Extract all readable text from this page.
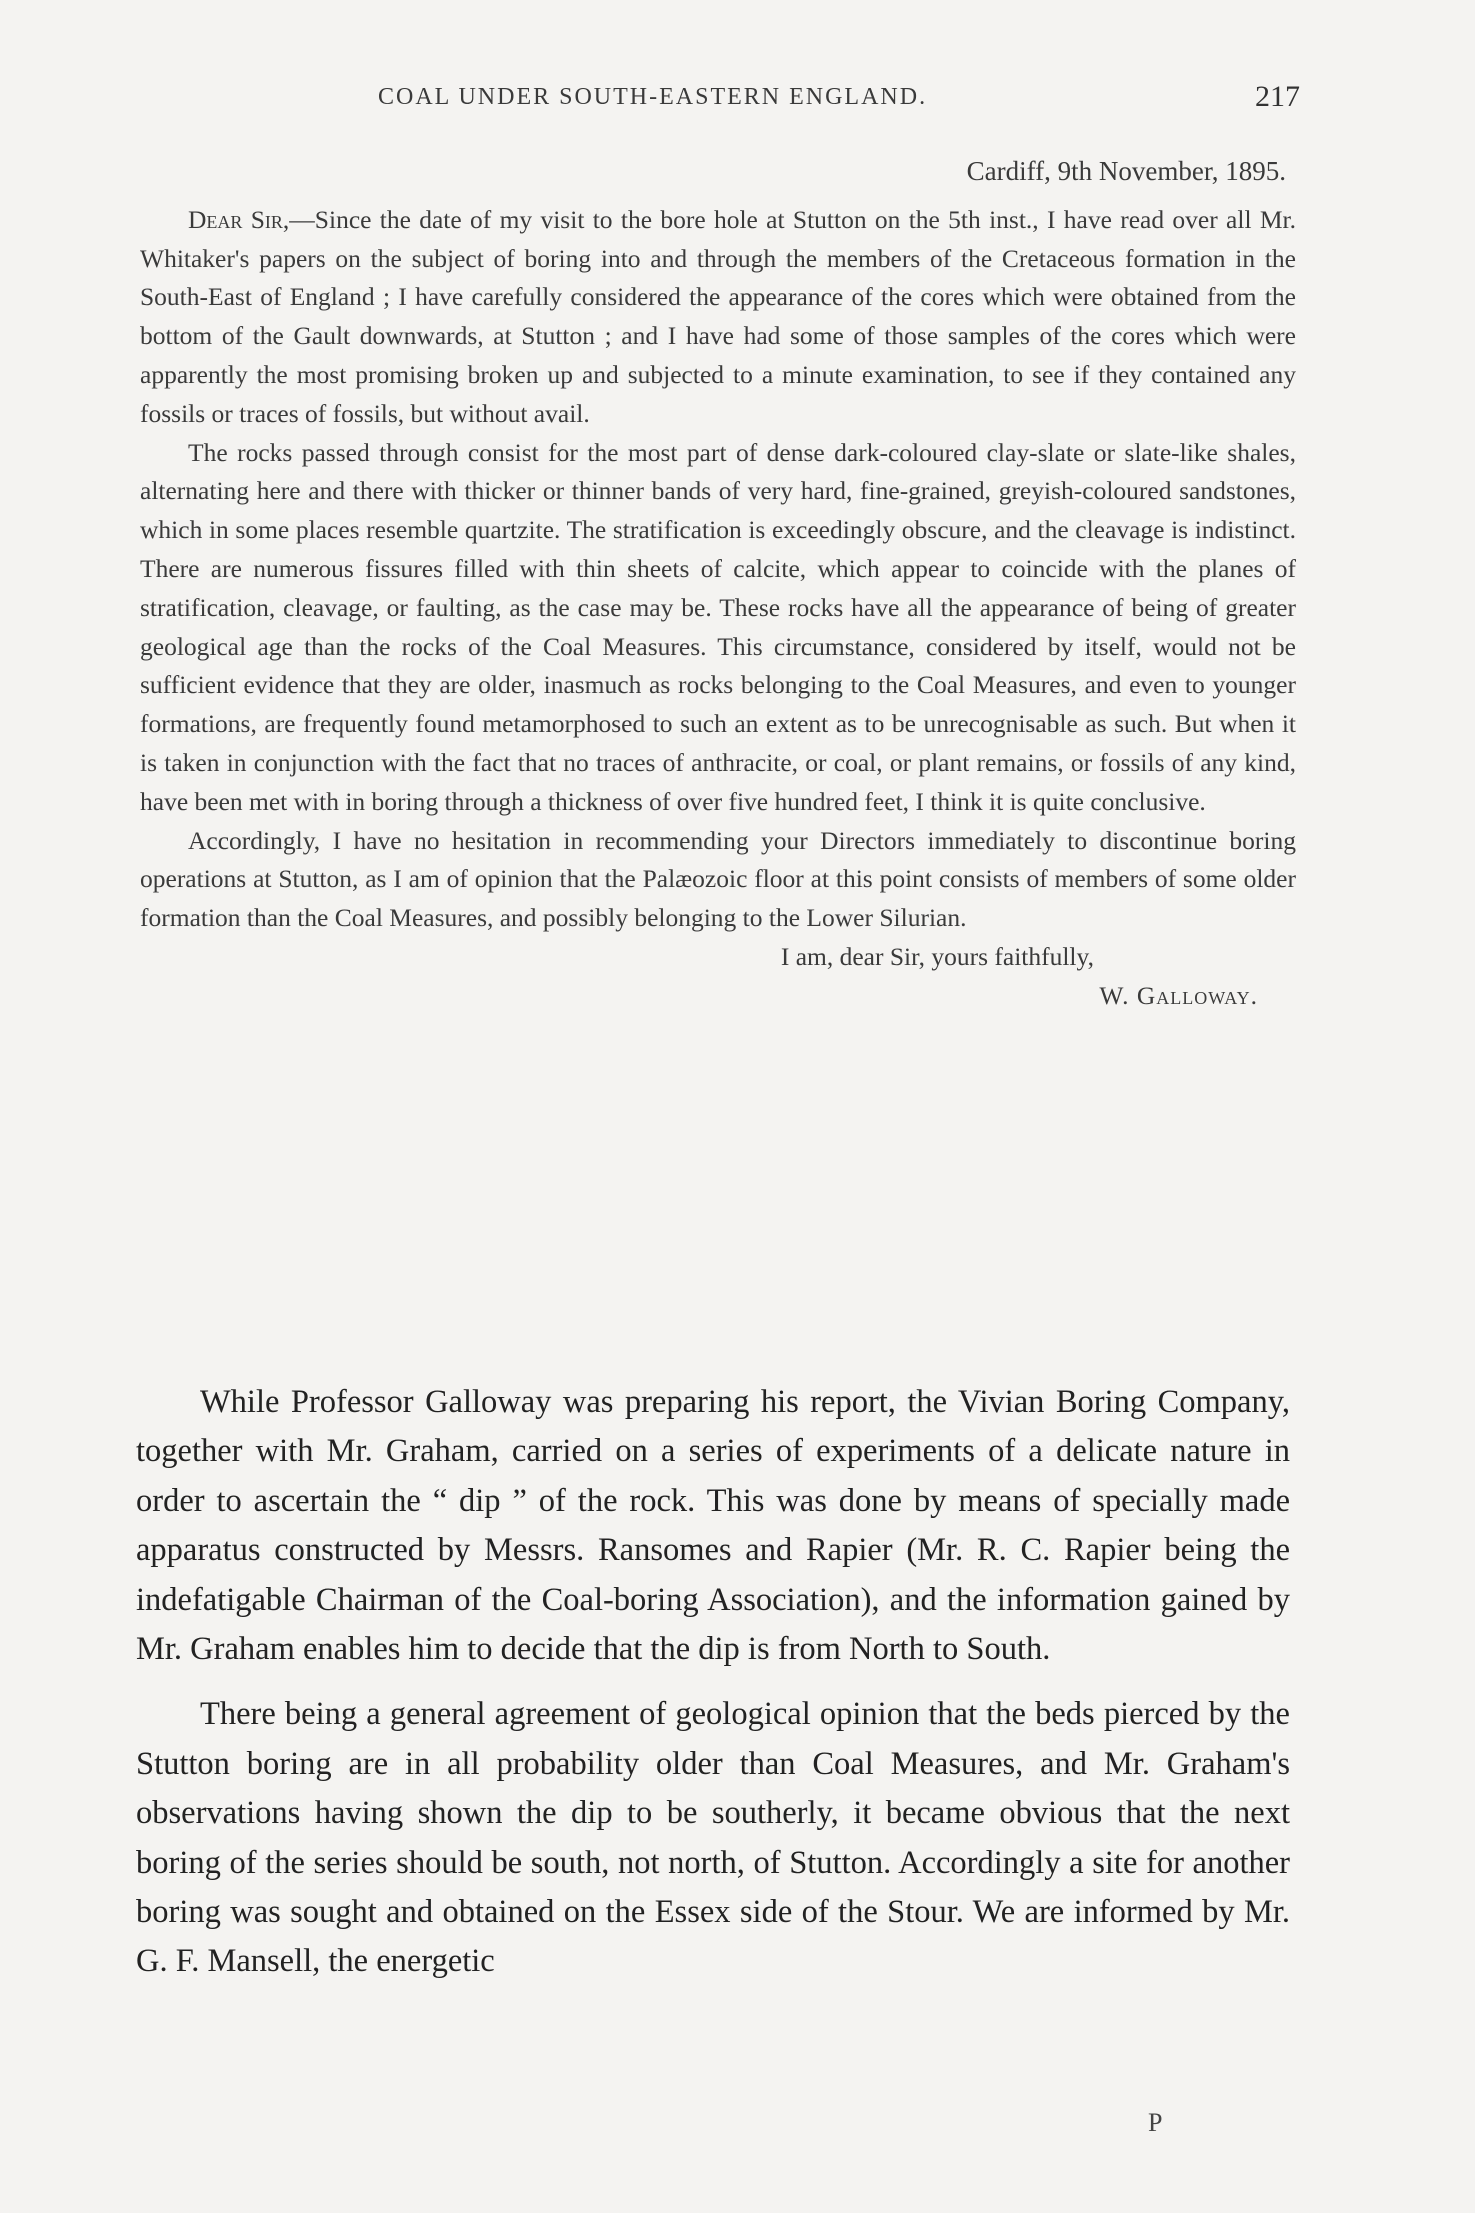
COAL UNDER SOUTH-EASTERN ENGLAND.	217
Cardiff, 9th November, 1895.

Dear Sir,—Since the date of my visit to the bore hole at Stutton on the 5th inst., I have read over all Mr. Whitaker's papers on the subject of boring into and through the members of the Cretaceous formation in the South-East of England ; I have carefully considered the appearance of the cores which were obtained from the bottom of the Gault downwards, at Stutton ; and I have had some of those samples of the cores which were apparently the most promising broken up and subjected to a minute examination, to see if they contained any fossils or traces of fossils, but without avail.

The rocks passed through consist for the most part of dense dark-coloured clay-slate or slate-like shales, alternating here and there with thicker or thinner bands of very hard, fine-grained, greyish-coloured sandstones, which in some places resemble quartzite. The stratification is exceedingly obscure, and the cleavage is indistinct. There are numerous fissures filled with thin sheets of calcite, which appear to coincide with the planes of stratification, cleavage, or faulting, as the case may be. These rocks have all the appearance of being of greater geological age than the rocks of the Coal Measures. This circumstance, considered by itself, would not be sufficient evidence that they are older, inasmuch as rocks belonging to the Coal Measures, and even to younger formations, are frequently found metamorphosed to such an extent as to be unrecognisable as such. But when it is taken in conjunction with the fact that no traces of anthracite, or coal, or plant remains, or fossils of any kind, have been met with in boring through a thickness of over five hundred feet, I think it is quite conclusive.

Accordingly, I have no hesitation in recommending your Directors immediately to discontinue boring operations at Stutton, as I am of opinion that the Palæozoic floor at this point consists of members of some older formation than the Coal Measures, and possibly belonging to the Lower Silurian.

I am, dear Sir, yours faithfully,
W. Galloway.

While Professor Galloway was preparing his report, the Vivian Boring Company, together with Mr. Graham, carried on a series of experiments of a delicate nature in order to ascertain the “ dip ” of the rock. This was done by means of specially made apparatus constructed by Messrs. Ransomes and Rapier (Mr. R. C. Rapier being the indefatigable Chairman of the Coal-boring Association), and the information gained by Mr. Graham enables him to decide that the dip is from North to South.

There being a general agreement of geological opinion that the beds pierced by the Stutton boring are in all probability older than Coal Measures, and Mr. Graham's observations having shown the dip to be southerly, it became obvious that the next boring of the series should be south, not north, of Stutton. Accordingly a site for another boring was sought and obtained on the Essex side of the Stour. We are informed by Mr. G. F. Mansell, the energetic

P
